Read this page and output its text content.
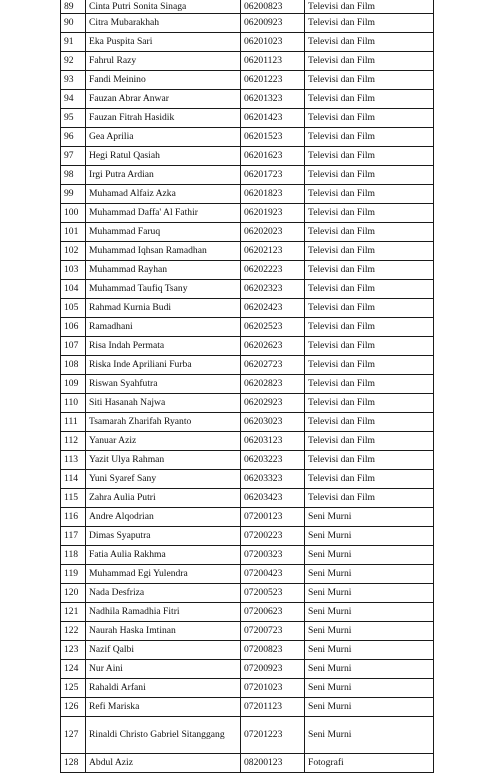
89	Cinta Putri Sonita Sinaga	06200823	Televisi dan Film
90	Citra Mubarakhah	06200923	Televisi dan Film
91	Eka Puspita Sari	06201023	Televisi dan Film
92	Fahrul Razy	06201123	Televisi dan Film
93	Fandi Meinino	06201223	Televisi dan Film
94	Fauzan Abrar Anwar	06201323	Televisi dan Film
95	Fauzan Fitrah Hasidik	06201423	Televisi dan Film
96	Gea Aprilia	06201523	Televisi dan Film
97	Hegi Ratul Qasiah	06201623	Televisi dan Film
98	Irgi Putra Ardian	06201723	Televisi dan Film
99	Muhamad Alfaiz Azka	06201823	Televisi dan Film
100	Muhammad Daffa' Al Fathir	06201923	Televisi dan Film
101	Muhammad Faruq	06202023	Televisi dan Film
102	Muhammad Iqhsan Ramadhan	06202123	Televisi dan Film
103	Muhammad Rayhan	06202223	Televisi dan Film
104	Muhammad Taufiq Tsany	06202323	Televisi dan Film
105	Rahmad Kurnia Budi	06202423	Televisi dan Film
106	Ramadhani	06202523	Televisi dan Film
107	Risa Indah Permata	06202623	Televisi dan Film
108	Riska Inde Apriliani Furba	06202723	Televisi dan Film
109	Riswan Syahfutra	06202823	Televisi dan Film
110	Siti Hasanah Najwa	06202923	Televisi dan Film
111	Tsamarah Zharifah Ryanto	06203023	Televisi dan Film
112	Yanuar Aziz	06203123	Televisi dan Film
113	Yazit Ulya Rahman	06203223	Televisi dan Film
114	Yuni Syaref Sany	06203323	Televisi dan Film
115	Zahra Aulia Putri	06203423	Televisi dan Film
116	Andre Alqodrian	07200123	Seni Murni
117	Dimas Syaputra	07200223	Seni Murni
118	Fatia Aulia Rakhma	07200323	Seni Murni
119	Muhammad Egi Yulendra	07200423	Seni Murni
120	Nada Desfriza	07200523	Seni Murni
121	Nadhila Ramadhia Fitri	07200623	Seni Murni
122	Naurah Haska Imtinan	07200723	Seni Murni
123	Nazif Qalbi	07200823	Seni Murni
124	Nur Aini	07200923	Seni Murni
125	Rahaldi Arfani	07201023	Seni Murni
126	Refi Mariska	07201123	Seni Murni
127	Rinaldi Christo Gabriel Sitanggang	07201223	Seni Murni
128	Abdul Aziz	08200123	Fotografi
